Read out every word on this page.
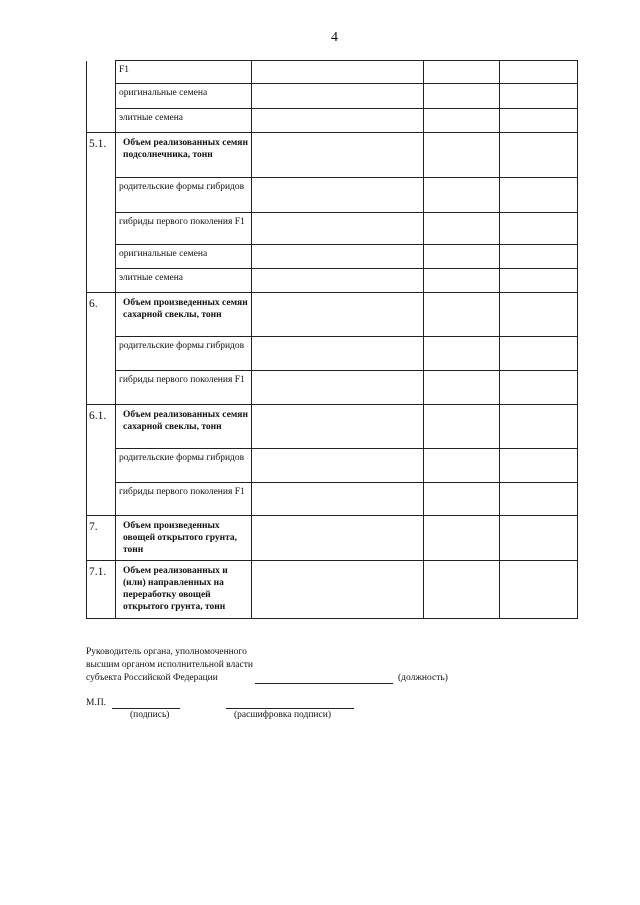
4
	F1			
	оригинальные семена			
	элитные семена			
5.1.	Объем реализованных семян подсолнечника, тонн			
	родительские формы гибридов			
	гибриды первого поколения F1			
	оригинальные семена			
	элитные семена			
6.	Объем произведенных семян сахарной свеклы, тонн			
	родительские формы гибридов			
	гибриды первого поколения F1			
6.1.	Объем реализованных семян сахарной свеклы, тонн			
	родительские формы гибридов			
	гибриды первого поколения F1			
7.	Объем произведенных овощей открытого грунта, тонн			
7.1.	Объем реализованных и (или) направленных на переработку овощей открытого грунта, тонн			
Руководитель органа, уполномоченного
высшим органом исполнительной власти
субъекта Российской Федерации	(должность)
М.П.
(подпись)	(расшифровка подписи)
